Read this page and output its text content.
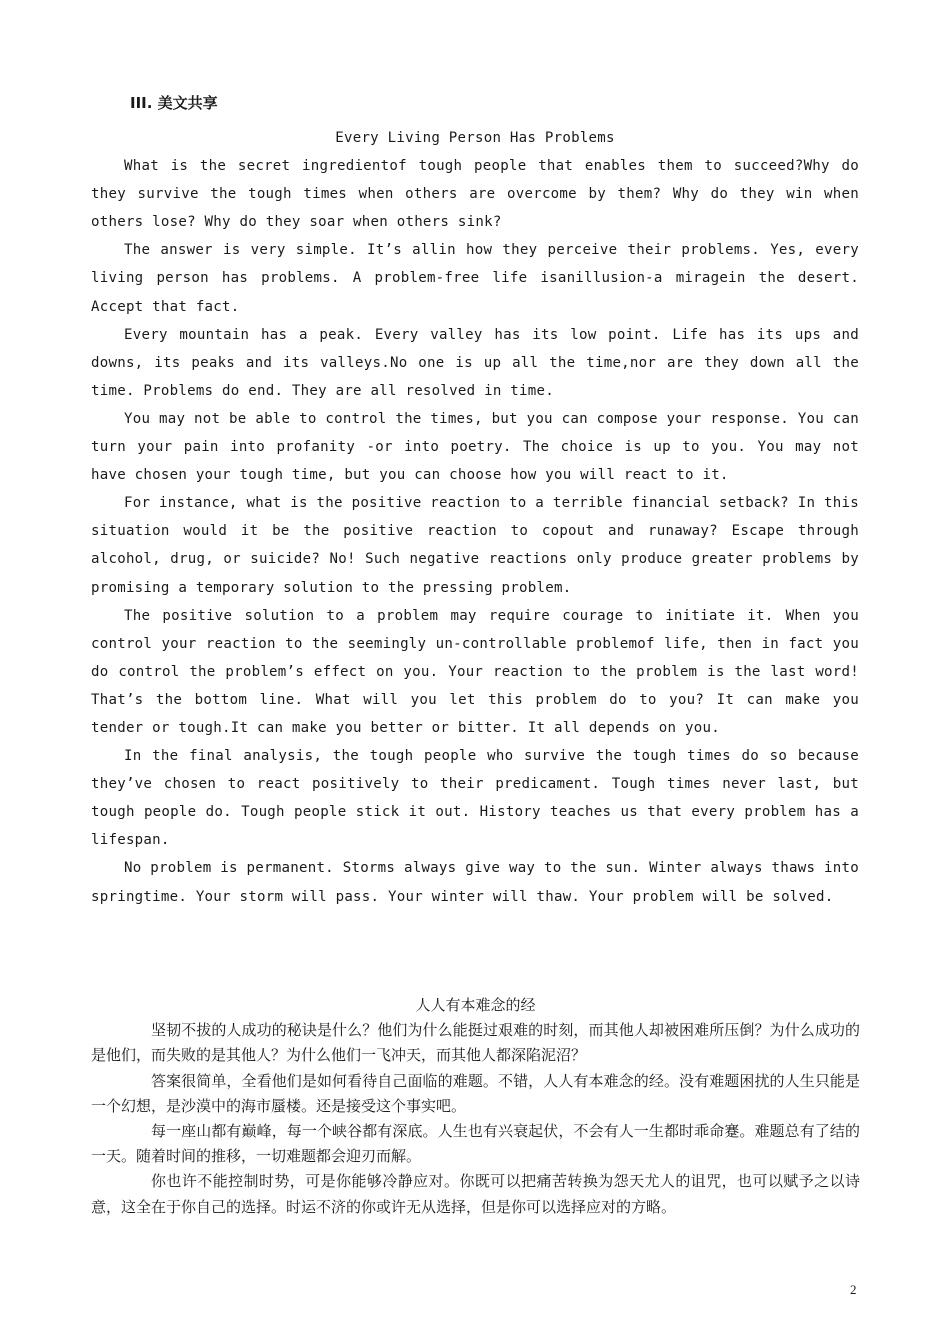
III. 美文共享

Every Living Person Has Problems

What is the secret ingredientof tough people that enables them to succeed?Why do they survive the tough times when others are overcome by them? Why do they win when others lose? Why do they soar when others sink?

The answer is very simple. It’s allin how they perceive their problems. Yes, every living person has problems. A problem-free life isanillusion-a miragein the desert. Accept that fact.

Every mountain has a peak. Every valley has its low point. Life has its ups and downs, its peaks and its valleys.No one is up all the time,nor are they down all the time. Problems do end. They are all resolved in time.

You may not be able to control the times, but you can compose your response. You can turn your pain into profanity -or into poetry. The choice is up to you. You may not have chosen your tough time, but you can choose how you will react to it.

For instance, what is the positive reaction to a terrible financial setback? In this situation would it be the positive reaction to copout and runaway? Escape through alcohol, drug, or suicide? No! Such negative reactions only produce greater problems by promising a temporary solution to the pressing problem.

The positive solution to a problem may require courage to initiate it. When you control your reaction to the seemingly un-controllable problemof life, then in fact you do control the problem’s effect on you. Your reaction to the problem is the last word! That’s the bottom line. What will you let this problem do to you? It can make you tender or tough.It can make you better or bitter. It all depends on you.

In the final analysis, the tough people who survive the tough times do so because they’ve chosen to react positively to their predicament. Tough times never last, but tough people do. Tough people stick it out. History teaches us that every problem has a lifespan.

No problem is permanent. Storms always give way to the sun. Winter always thaws into springtime. Your storm will pass. Your winter will thaw. Your problem will be solved.

人人有本难念的经

坚韧不拔的人成功的秘诀是什么？他们为什么能挺过艰难的时刻，而其他人却被困难所压倒？为什么成功的是他们，而失败的是其他人？为什么他们一飞冲天，而其他人都深陷泥沼？

答案很简单，全看他们是如何看待自己面临的难题。不错，人人有本难念的经。没有难题困扰的人生只能是一个幻想，是沙漠中的海市蜃楼。还是接受这个事实吧。

每一座山都有巅峰，每一个峡谷都有深底。人生也有兴衰起伏，不会有人一生都时乖命蹇。难题总有了结的一天。随着时间的推移，一切难题都会迎刃而解。

你也许不能控制时势，可是你能够冷静应对。你既可以把痛苦转换为怨天尤人的诅咒，也可以赋予之以诗意，这全在于你自己的选择。时运不济的你或许无从选择，但是你可以选择应对的方略。

2
